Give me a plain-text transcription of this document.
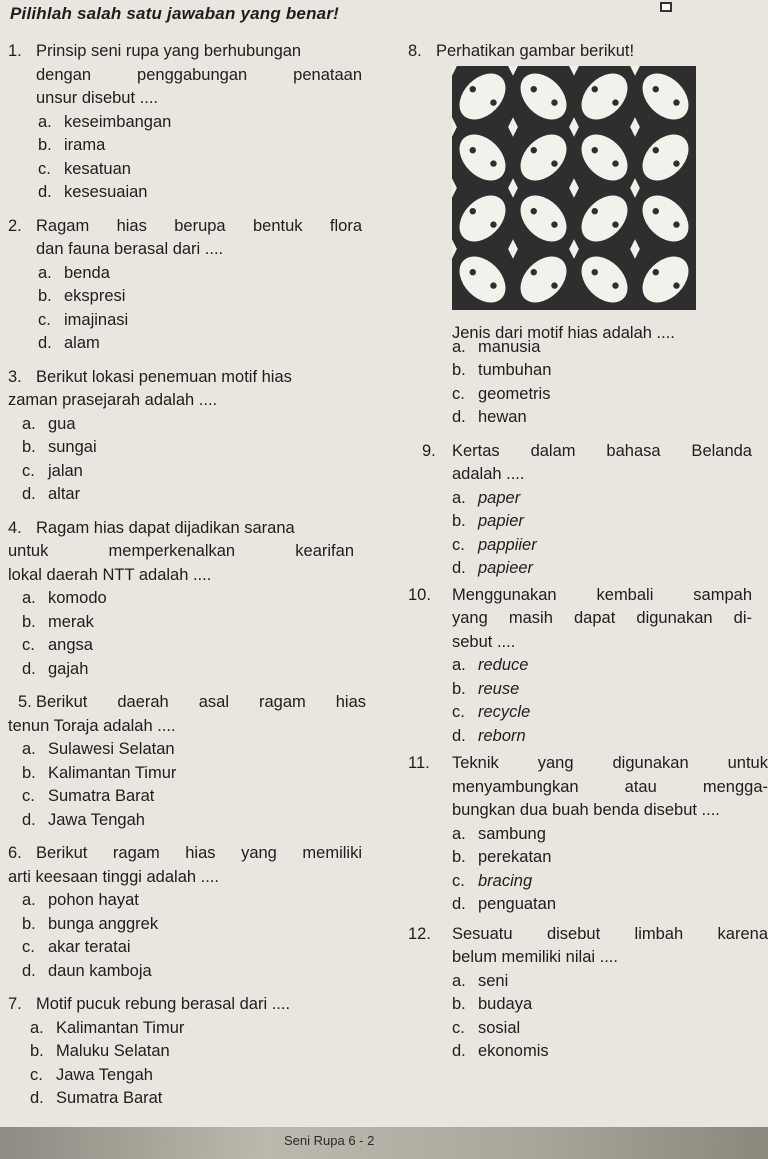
Pilihlah salah satu jawaban yang benar!
1. Prinsip seni rupa yang berhubungan
dengan penggabungan penataan
unsur disebut ....
a. keseimbangan
b. irama
c. kesatuan
d. kesesuaian
2. Ragam hias berupa bentuk flora
dan fauna berasal dari ....
a. benda
b. ekspresi
c. imajinasi
d. alam
3. Berikut lokasi penemuan motif hias
zaman prasejarah adalah ....
a. gua
b. sungai
c. jalan
d. altar
4. Ragam hias dapat dijadikan sarana
untuk memperkenalkan kearifan
lokal daerah NTT adalah ....
a. komodo
b. merak
c. angsa
d. gajah
5. Berikut daerah asal ragam hias
tenun Toraja adalah ....
a. Sulawesi Selatan
b. Kalimantan Timur
c. Sumatra Barat
d. Jawa Tengah
6. Berikut ragam hias yang memiliki
arti keesaan tinggi adalah ....
a. pohon hayat
b. bunga anggrek
c. akar teratai
d. daun kamboja
7. Motif pucuk rebung berasal dari ....
a. Kalimantan Timur
b. Maluku Selatan
c. Jawa Tengah
d. Sumatra Barat
8. Perhatikan gambar berikut!
a. manusia
b. tumbuhan
c. geometris
d. hewan
9. Kertas dalam bahasa Belanda
adalah ....
a. paper
b. papier
c. pappiier
d. papieer
10.	Menggunakan kembali sampah
yang masih dapat digunakan di-
sebut ....
a. reduce
b. reuse
c. recycle
d. reborn
11.	Teknik yang digunakan untuk
menyambungkan atau mengga-
bungkan dua buah benda disebut ....
a. sambung
b. perekatan
c. bracing
d. penguatan
12.	Sesuatu disebut limbah karena
belum memiliki nilai ....
a. seni
b. budaya
c. sosial
d. ekonomis
Jenis dari motif hias adalah ....
Seni Rupa 6 - 2
